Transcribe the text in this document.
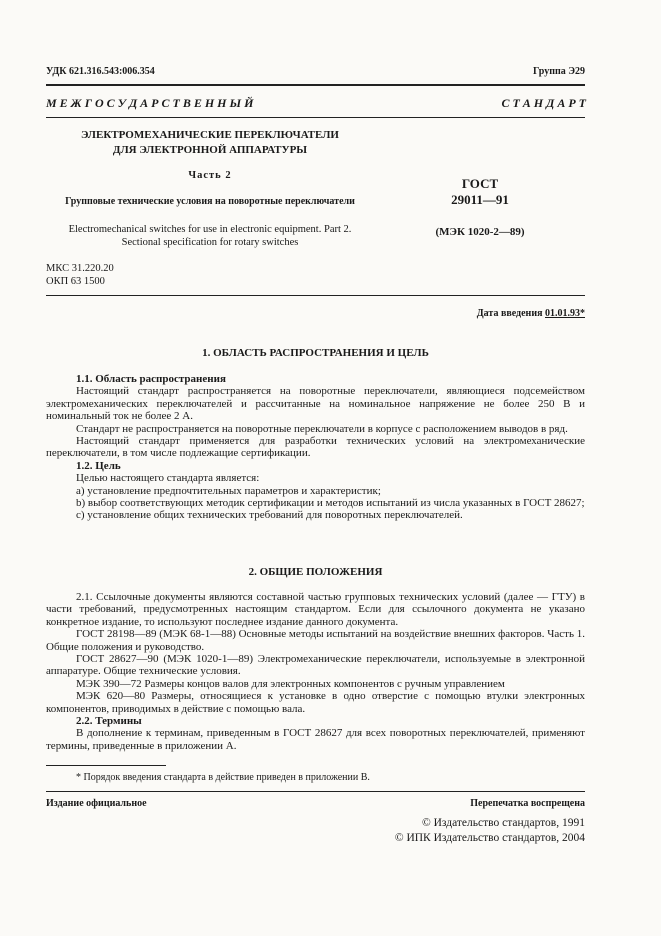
УДК 621.316.543:006.354	Группа Э29
М Е Ж Г О С У Д А Р С Т В Е Н Н Ы Й	С Т А Н Д А Р Т
ЭЛЕКТРОМЕХАНИЧЕСКИЕ ПЕРЕКЛЮЧАТЕЛИ
ДЛЯ ЭЛЕКТРОННОЙ АППАРАТУРЫ
Часть 2
Групповые технические условия на поворотные переключатели
Electromechanical switches for use in electronic equipment. Part 2.
Sectional specification for rotary switches
ГОСТ
29011—91
(МЭК 1020-2—89)
МКС 31.220.20
ОКП 63 1500
Дата введения 01.01.93*
1. ОБЛАСТЬ РАСПРОСТРАНЕНИЯ И ЦЕЛЬ

1.1. Область распространения

Настоящий стандарт распространяется на поворотные переключатели, являющиеся подсемейством электромеханических переключателей и рассчитанные на номинальное напряжение не более 250 В и номинальный ток не более 2 А.

Стандарт не распространяется на поворотные переключатели в корпусе с расположением выводов в ряд.

Настоящий стандарт применяется для разработки технических условий на электромеханические переключатели, в том числе подлежащие сертификации.

1.2. Цель

Целью настоящего стандарта является:

а) установление предпочтительных параметров и характеристик;

b) выбор соответствующих методик сертификации и методов испытаний из числа указанных в ГОСТ 28627;

c) установление общих технических требований для поворотных переключателей.

2. ОБЩИЕ ПОЛОЖЕНИЯ

2.1. Ссылочные документы являются составной частью групповых технических условий (далее — ГТУ) в части требований, предусмотренных настоящим стандартом. Если для ссылочного документа не указано конкретное издание, то используют последнее издание данного документа.

ГОСТ 28198—89 (МЭК 68-1—88) Основные методы испытаний на воздействие внешних факторов. Часть 1. Общие положения и руководство.

ГОСТ 28627—90 (МЭК 1020-1—89) Электромеханические переключатели, используемые в электронной аппаратуре. Общие технические условия.

МЭК 390—72 Размеры концов валов для электронных компонентов с ручным управлением

МЭК 620—80 Размеры, относящиеся к установке в одно отверстие с помощью втулки электронных компонентов, приводимых в действие с помощью вала.

2.2. Термины

В дополнение к терминам, приведенным в ГОСТ 28627 для всех поворотных переключателей, применяют термины, приведенные в приложении А.

* Порядок введения стандарта в действие приведен в приложении В.
Издание официальное	Перепечатка воспрещена
© Издательство стандартов, 1991
© ИПК Издательство стандартов, 2004
